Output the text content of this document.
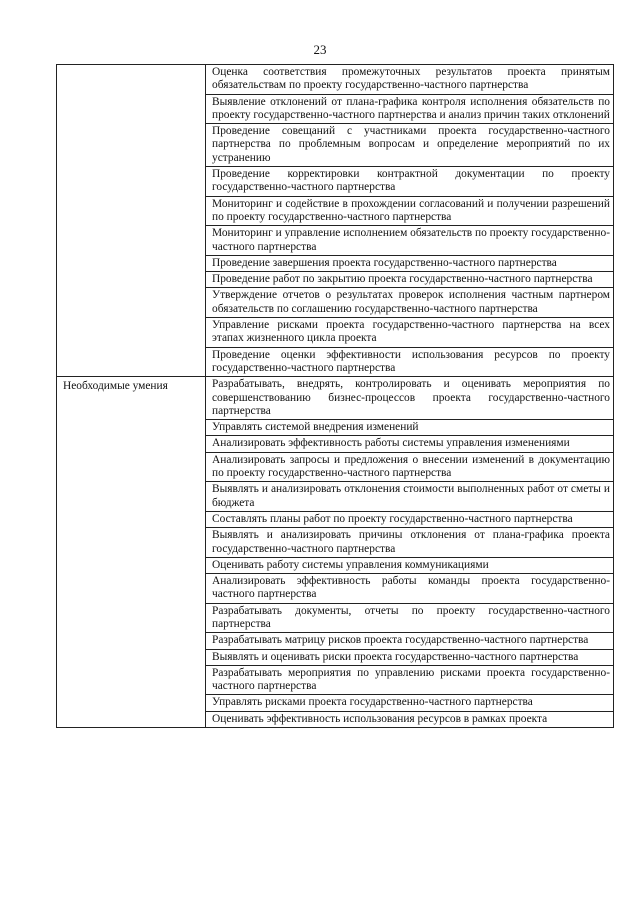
23
	Оценка соответствия промежуточных результатов проекта принятым обязательствам по проекту государственно-частного партнерства
	Выявление отклонений от плана-графика контроля исполнения обязательств по проекту государственно-частного партнерства и анализ причин таких отклонений
	Проведение совещаний с участниками проекта государственно-частного партнерства по проблемным вопросам и определение мероприятий по их устранению
	Проведение корректировки контрактной документации по проекту государственно-частного партнерства
	Мониторинг и содействие в прохождении согласований и получении разрешений по проекту государственно-частного партнерства
	Мониторинг и управление исполнением обязательств по проекту государственно-частного партнерства
	Проведение завершения проекта государственно-частного партнерства
	Проведение работ по закрытию проекта государственно-частного партнерства
	Утверждение отчетов о результатах проверок исполнения частным партнером обязательств по соглашению государственно-частного партнерства
	Управление рисками проекта государственно-частного партнерства на всех этапах жизненного цикла проекта
	Проведение оценки эффективности использования ресурсов по проекту государственно-частного партнерства

Необходимые умения	Разрабатывать, внедрять, контролировать и оценивать мероприятия по совершенствованию бизнес-процессов проекта государственно-частного партнерства
	Управлять системой внедрения изменений
	Анализировать эффективность работы системы управления изменениями
	Анализировать запросы и предложения о внесении изменений в документацию по проекту государственно-частного партнерства
	Выявлять и анализировать отклонения стоимости выполненных работ от сметы и бюджета
	Составлять планы работ по проекту государственно-частного партнерства
	Выявлять и анализировать причины отклонения от плана-графика проекта государственно-частного партнерства
	Оценивать работу системы управления коммуникациями
	Анализировать эффективность работы команды проекта государственно-частного партнерства
	Разрабатывать документы, отчеты по проекту государственно-частного партнерства
	Разрабатывать матрицу рисков проекта государственно-частного партнерства
	Выявлять и оценивать риски проекта государственно-частного партнерства
	Разрабатывать мероприятия по управлению рисками проекта государственно-частного партнерства
	Управлять рисками проекта государственно-частного партнерства
	Оценивать эффективность использования ресурсов в рамках проекта
